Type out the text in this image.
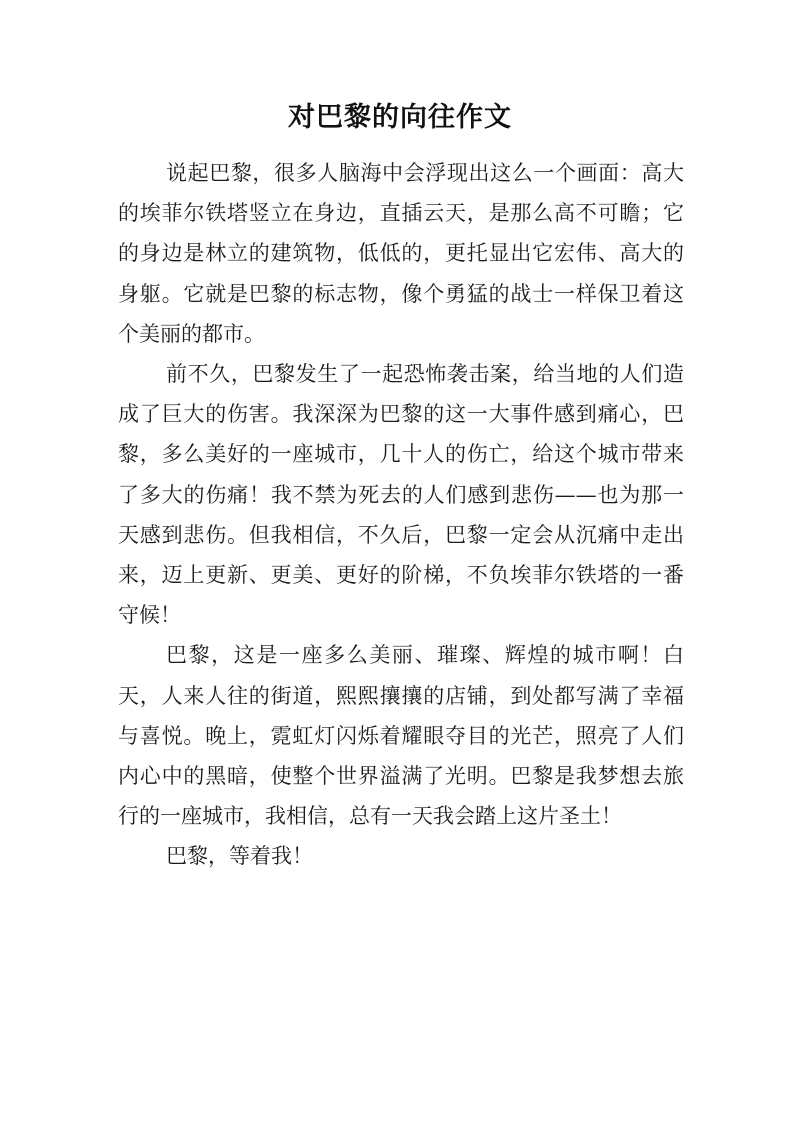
对巴黎的向往作文

说起巴黎，很多人脑海中会浮现出这么一个画面：高大的埃菲尔铁塔竖立在身边，直插云天，是那么高不可瞻；它的身边是林立的建筑物，低低的，更托显出它宏伟、高大的身躯。它就是巴黎的标志物，像个勇猛的战士一样保卫着这个美丽的都市。

前不久，巴黎发生了一起恐怖袭击案，给当地的人们造成了巨大的伤害。我深深为巴黎的这一大事件感到痛心，巴黎，多么美好的一座城市，几十人的伤亡，给这个城市带来了多大的伤痛！我不禁为死去的人们感到悲伤——也为那一天感到悲伤。但我相信，不久后，巴黎一定会从沉痛中走出来，迈上更新、更美、更好的阶梯，不负埃菲尔铁塔的一番守候！

巴黎，这是一座多么美丽、璀璨、辉煌的城市啊！白天，人来人往的街道，熙熙攘攘的店铺，到处都写满了幸福与喜悦。晚上，霓虹灯闪烁着耀眼夺目的光芒，照亮了人们内心中的黑暗，使整个世界溢满了光明。巴黎是我梦想去旅行的一座城市，我相信，总有一天我会踏上这片圣土！

巴黎，等着我！
